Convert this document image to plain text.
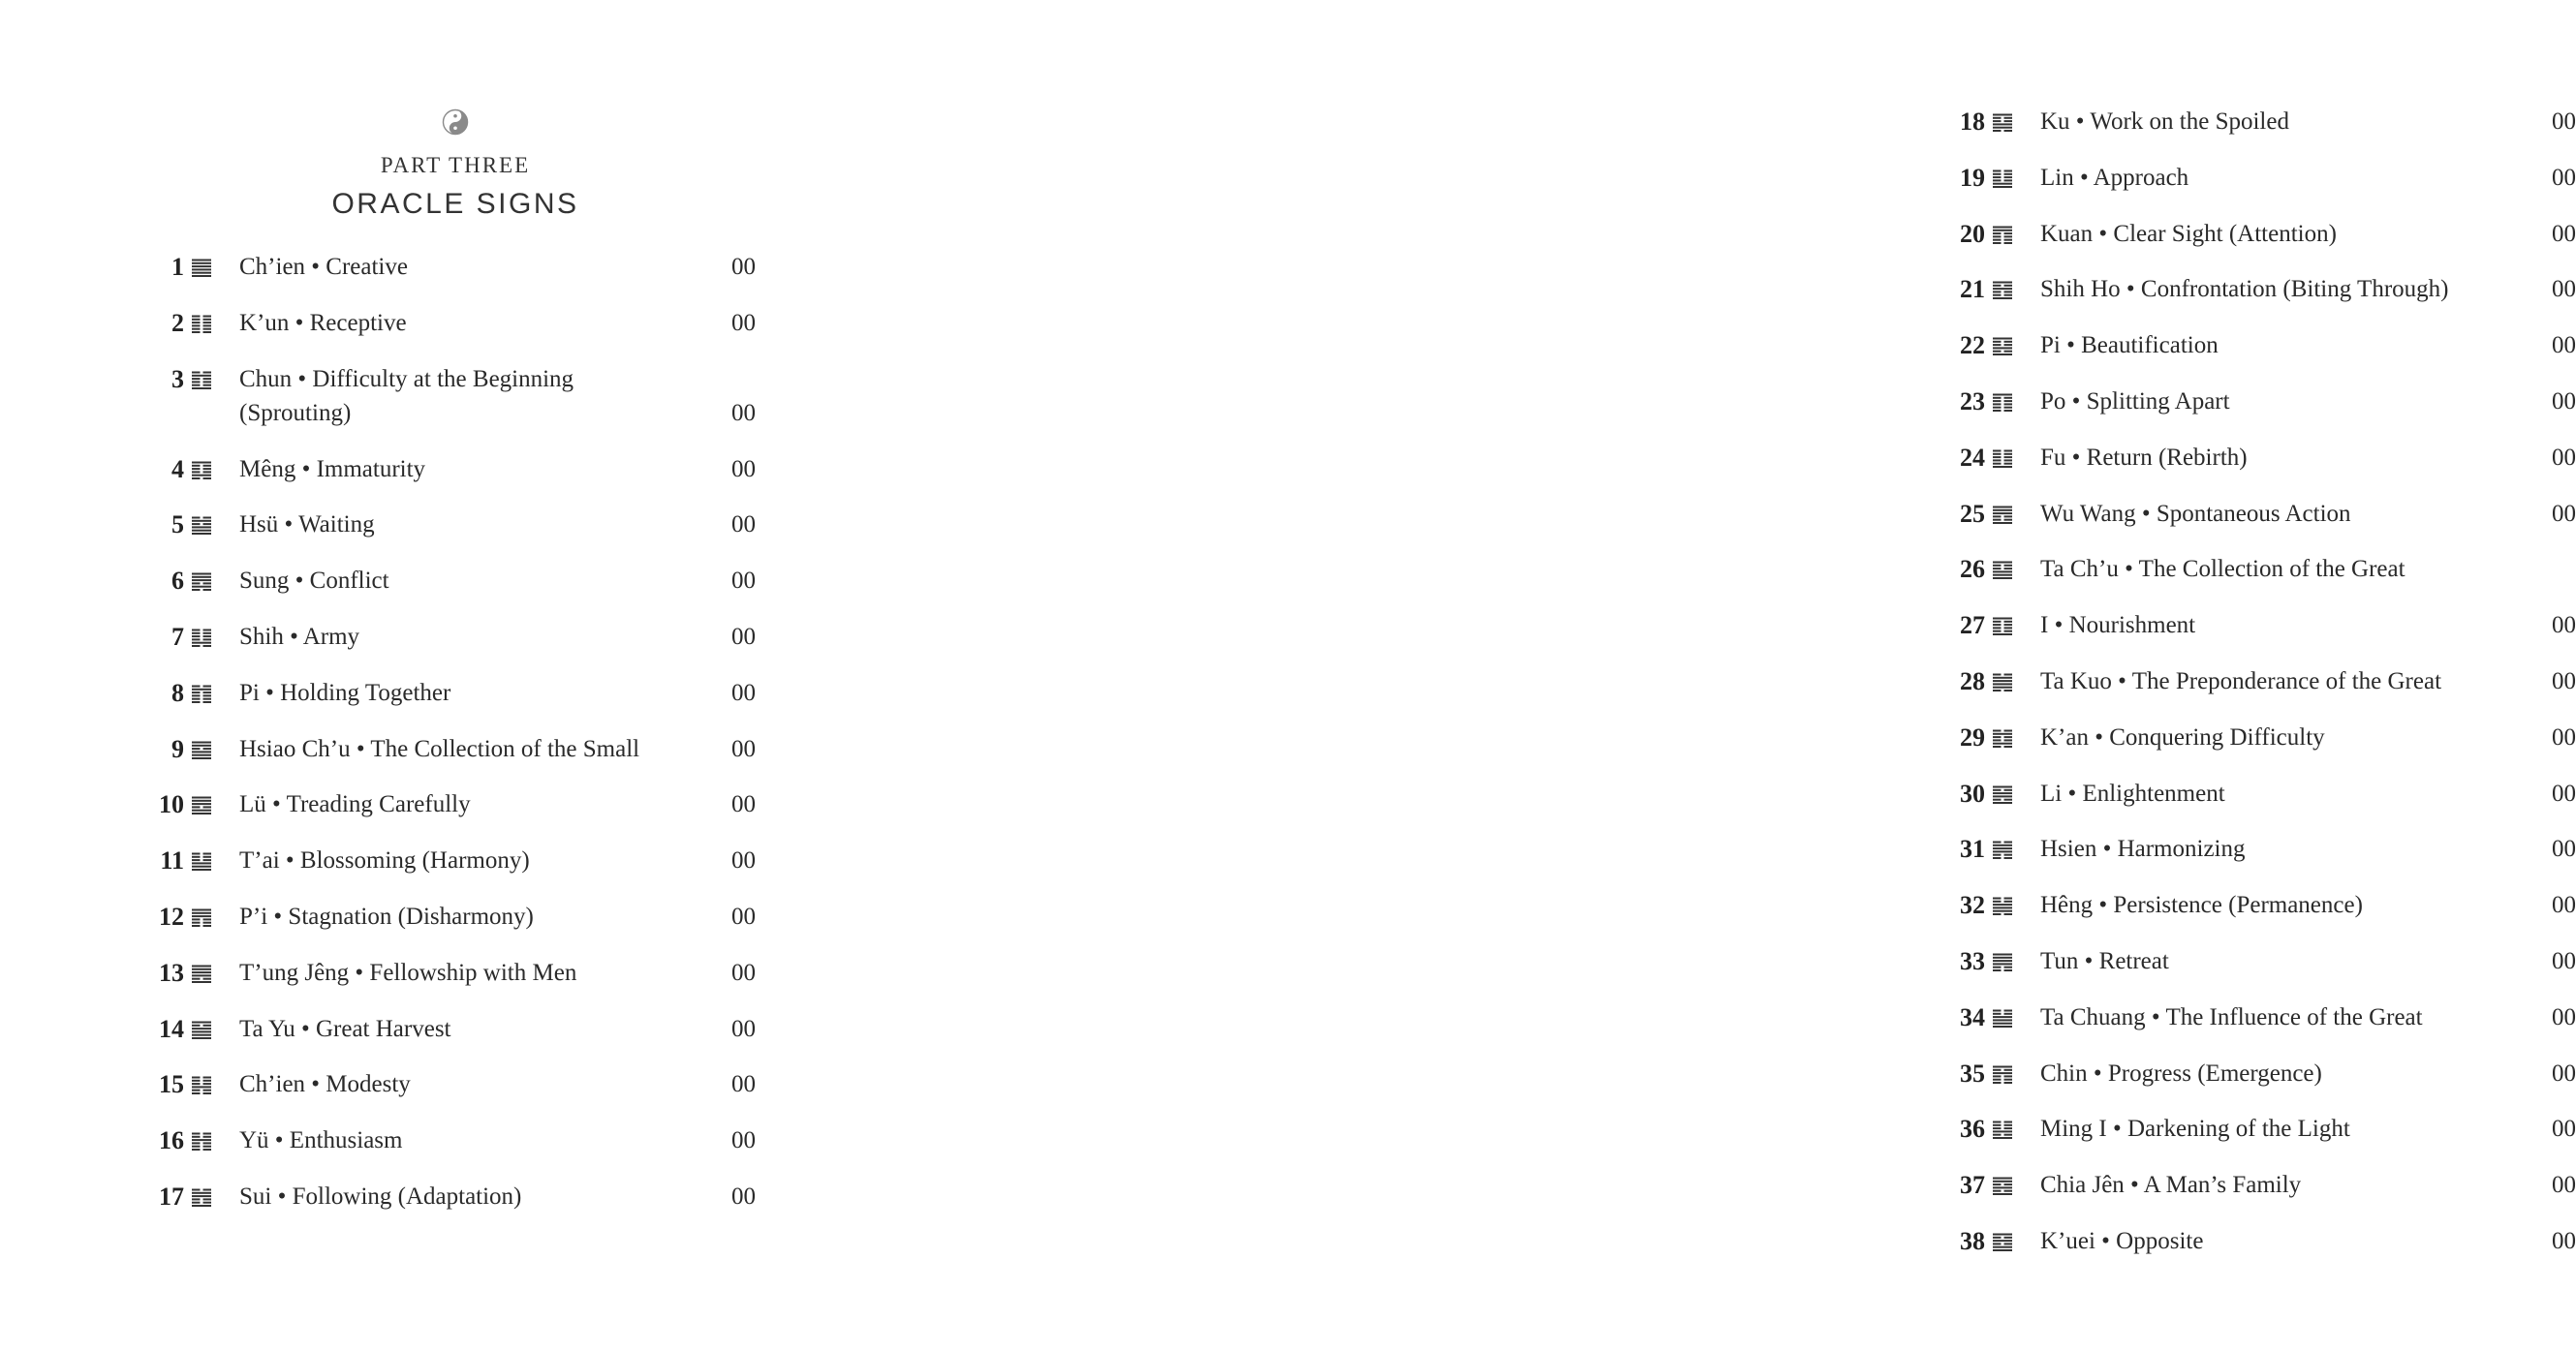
PART THREE
ORACLE SIGNS
1 Ch’ien • Creative	00
2 K’un • Receptive	00
3 Chun • Difficulty at the Beginning (Sprouting)	00
4 Mêng • Immaturity	00
5 Hsü • Waiting	00
6 Sung • Conflict	00
7 Shih • Army	00
8 Pi • Holding Together	00
9 Hsiao Ch’u • The Collection of the Small	00
10 Lü • Treading Carefully	00
11 T’ai • Blossoming (Harmony)	00
12 P’i • Stagnation (Disharmony)	00
13 T’ung Jêng • Fellowship with Men	00
14 Ta Yu • Great Harvest	00
15 Ch’ien • Modesty	00
16 Yü • Enthusiasm	00
17 Sui • Following (Adaptation)	00
18 Ku • Work on the Spoiled	00
19 Lin • Approach	00
20 Kuan • Clear Sight (Attention)	00
21 Shih Ho • Confrontation (Biting Through)	00
22 Pi • Beautification	00
23 Po • Splitting Apart	00
24 Fu • Return (Rebirth)	00
25 Wu Wang • Spontaneous Action	00
26 Ta Ch’u • The Collection of the Great
27 I • Nourishment	00
28 Ta Kuo • The Preponderance of the Great	00
29 K’an • Conquering Difficulty	00
30 Li • Enlightenment	00
31 Hsien • Harmonizing	00
32 Hêng • Persistence (Permanence)	00
33 Tun • Retreat	00
34 Ta Chuang • The Influence of the Great	00
35 Chin • Progress (Emergence)	00
36 Ming I • Darkening of the Light	00
37 Chia Jên • A Man’s Family	00
38 K’uei • Opposite	00
